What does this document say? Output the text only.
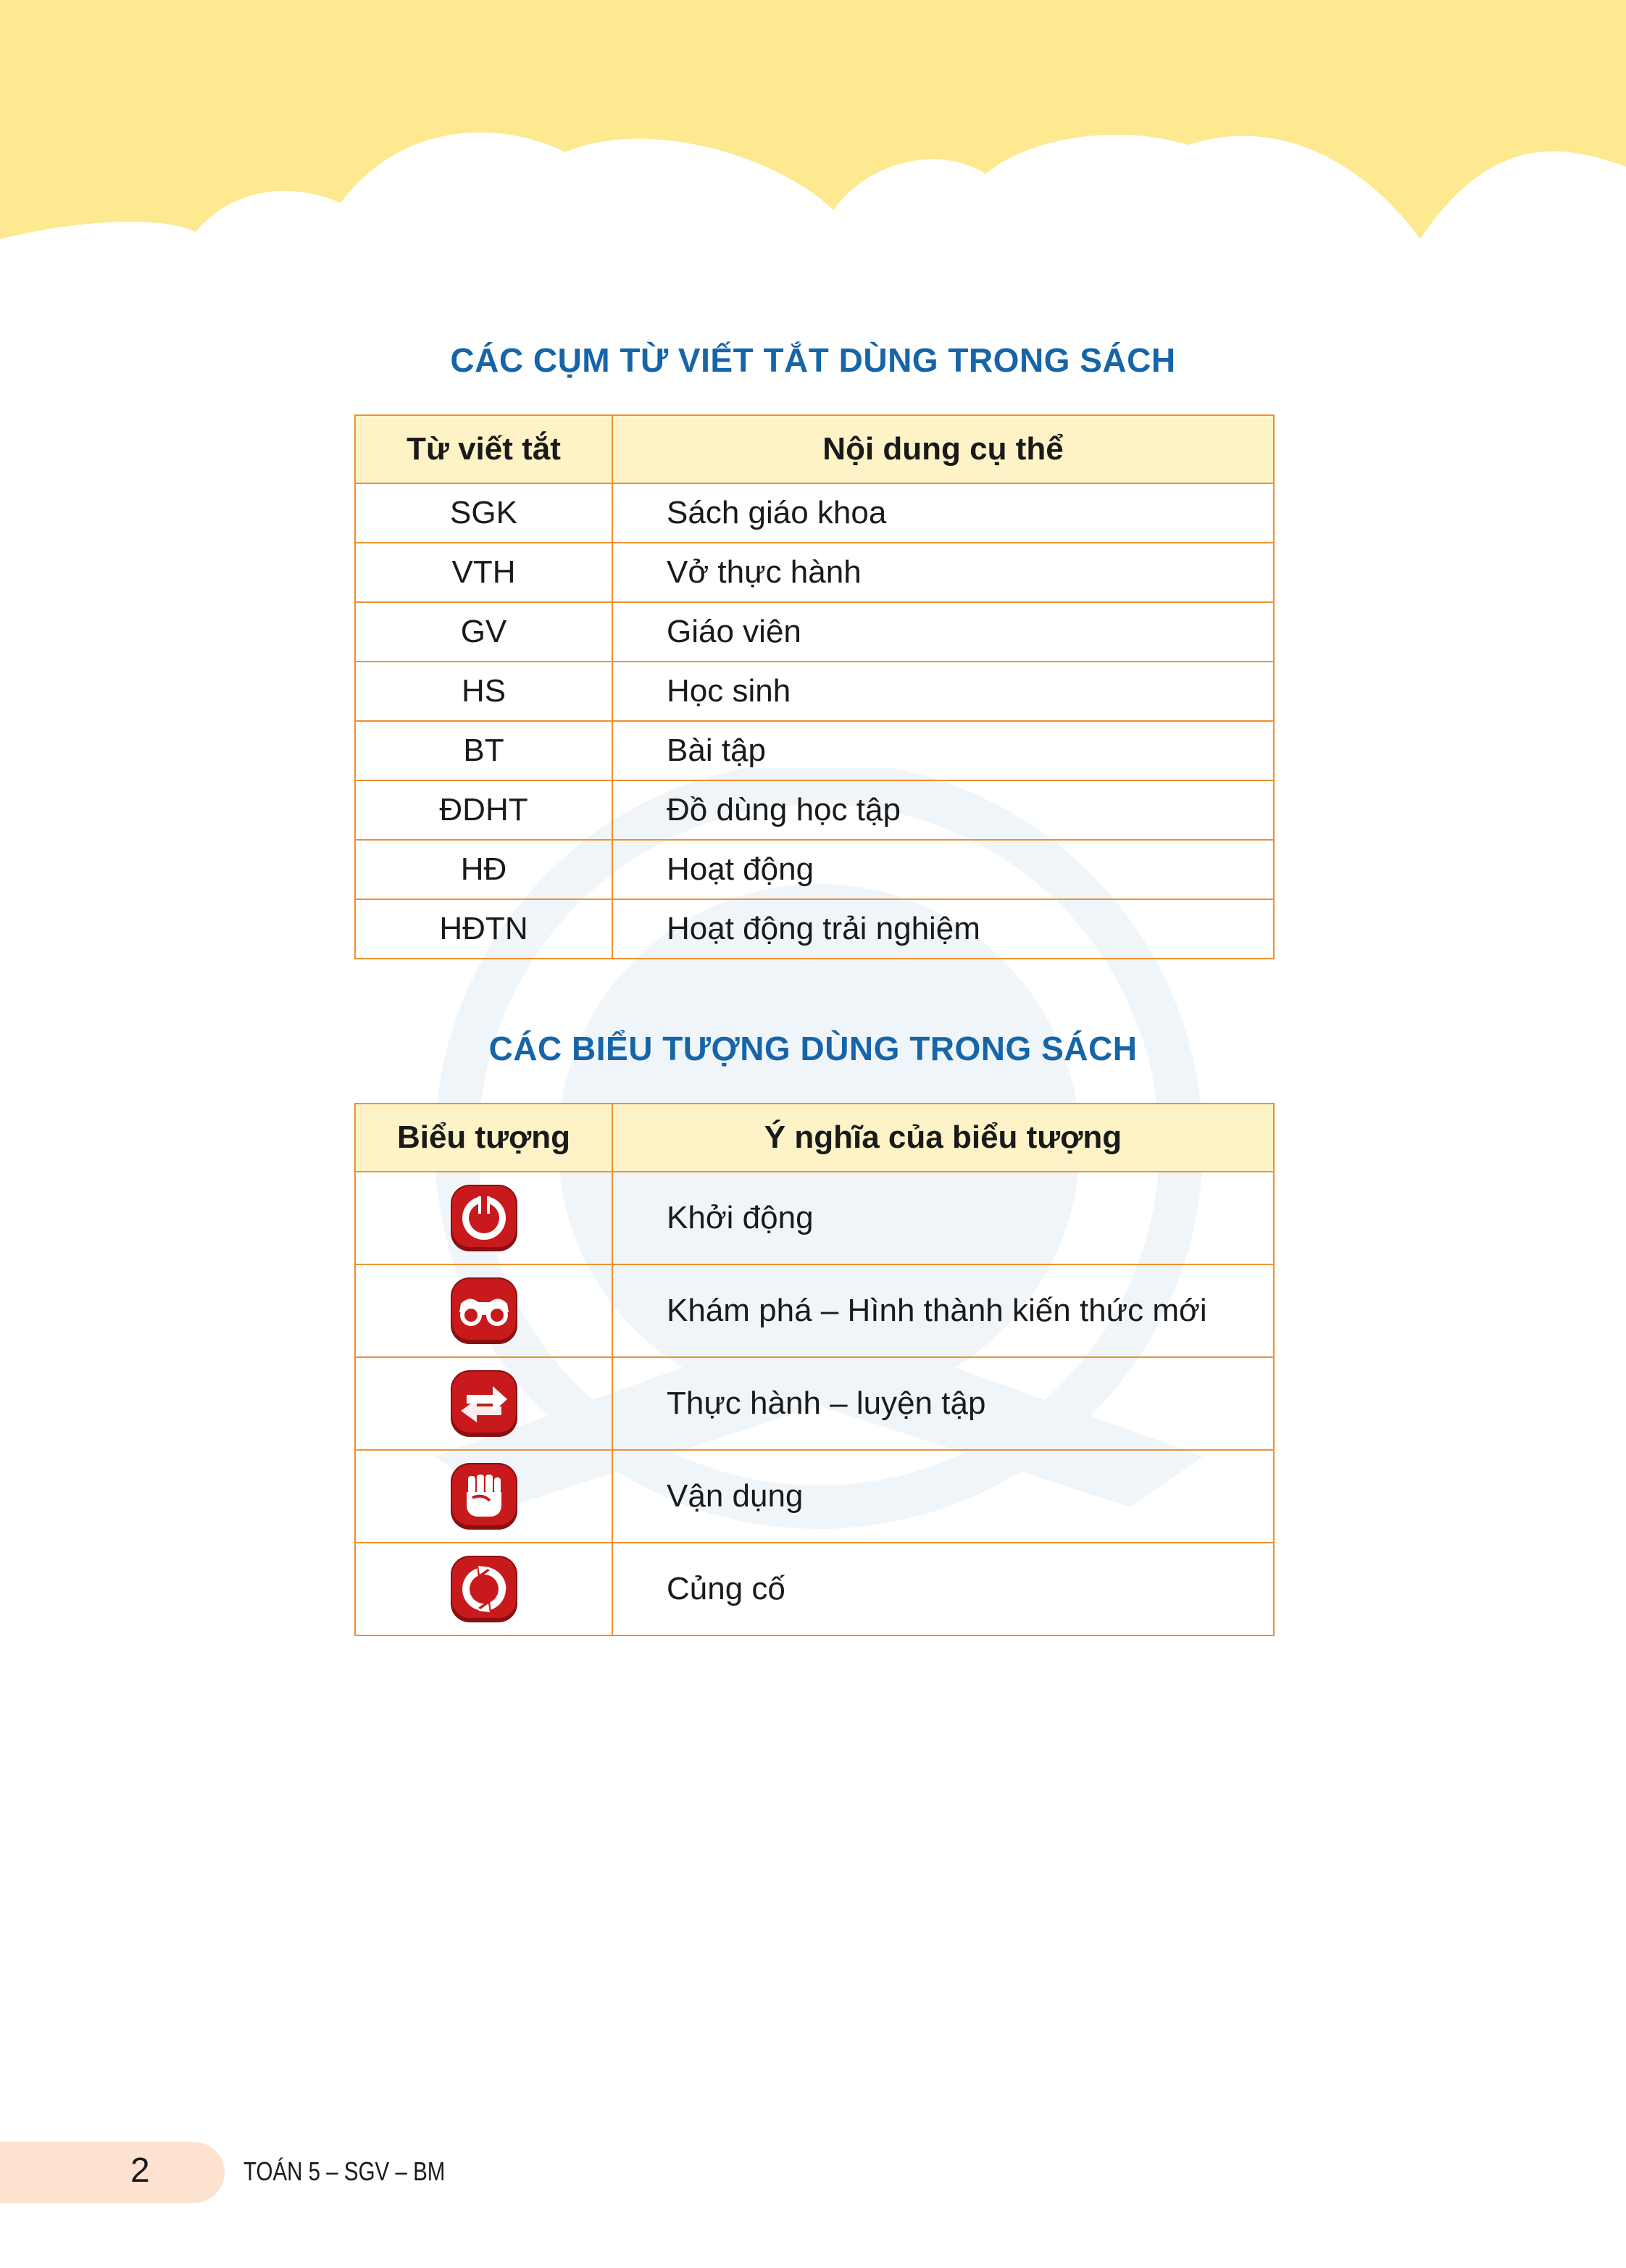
CÁC CỤM TỪ VIẾT TẮT DÙNG TRONG SÁCH
Từ viết tắt	Nội dung cụ thể
SGK	Sách giáo khoa
VTH	Vở thực hành
GV	Giáo viên
HS	Học sinh
BT	Bài tập
ĐDHT	Đồ dùng học tập
HĐ	Hoạt động
HĐTN	Hoạt động trải nghiệm
CÁC BIỂU TƯỢNG DÙNG TRONG SÁCH
Biểu tượng	Ý nghĩa của biểu tượng
	Khởi động
	Khám phá – Hình thành kiến thức mới
	Thực hành – luyện tập
	Vận dụng
	Củng cố
2	TOÁN 5 – SGV – BM
